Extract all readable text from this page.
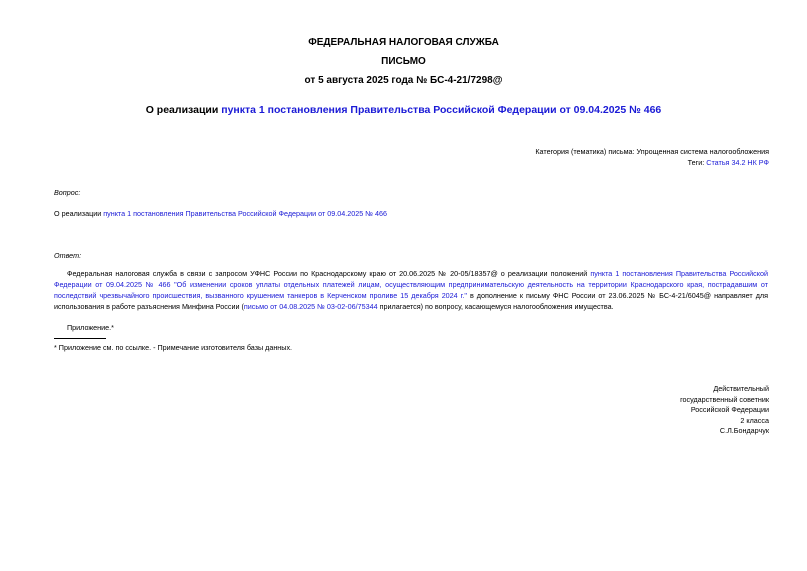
ФЕДЕРАЛЬНАЯ НАЛОГОВАЯ СЛУЖБА
ПИСЬМО
от 5 августа 2025 года № БС-4-21/7298@
О реализации пункта 1 постановления Правительства Российской Федерации от 09.04.2025 № 466
Категория (тематика) письма: Упрощенная система налогообложения
Теги: Статья 34.2 НК РФ
Вопрос:
О реализации пункта 1 постановления Правительства Российской Федерации от 09.04.2025 № 466
Ответ:
Федеральная налоговая служба в связи с запросом УФНС России по Краснодарскому краю от 20.06.2025 № 20-05/18357@ о реализации положений пункта 1 постановления Правительства Российской Федерации от 09.04.2025 № 466 "Об изменении сроков уплаты отдельных платежей лицам, осуществляющим предпринимательскую деятельность на территории Краснодарского края, пострадавшим от последствий чрезвычайного происшествия, вызванного крушением танкеров в Керченском проливе 15 декабря 2024 г." в дополнение к письму ФНС России от 23.06.2025 № БС-4-21/6045@ направляет для использования в работе разъяснения Минфина России (письмо от 04.08.2025 № 03-02-06/75344 прилагается) по вопросу, касающемуся налогообложения имущества.
Приложение.*
* Приложение см. по ссылке. - Примечание изготовителя базы данных.
Действительный
государственный советник
Российской Федерации
2 класса
С.Л.Бондарчук
